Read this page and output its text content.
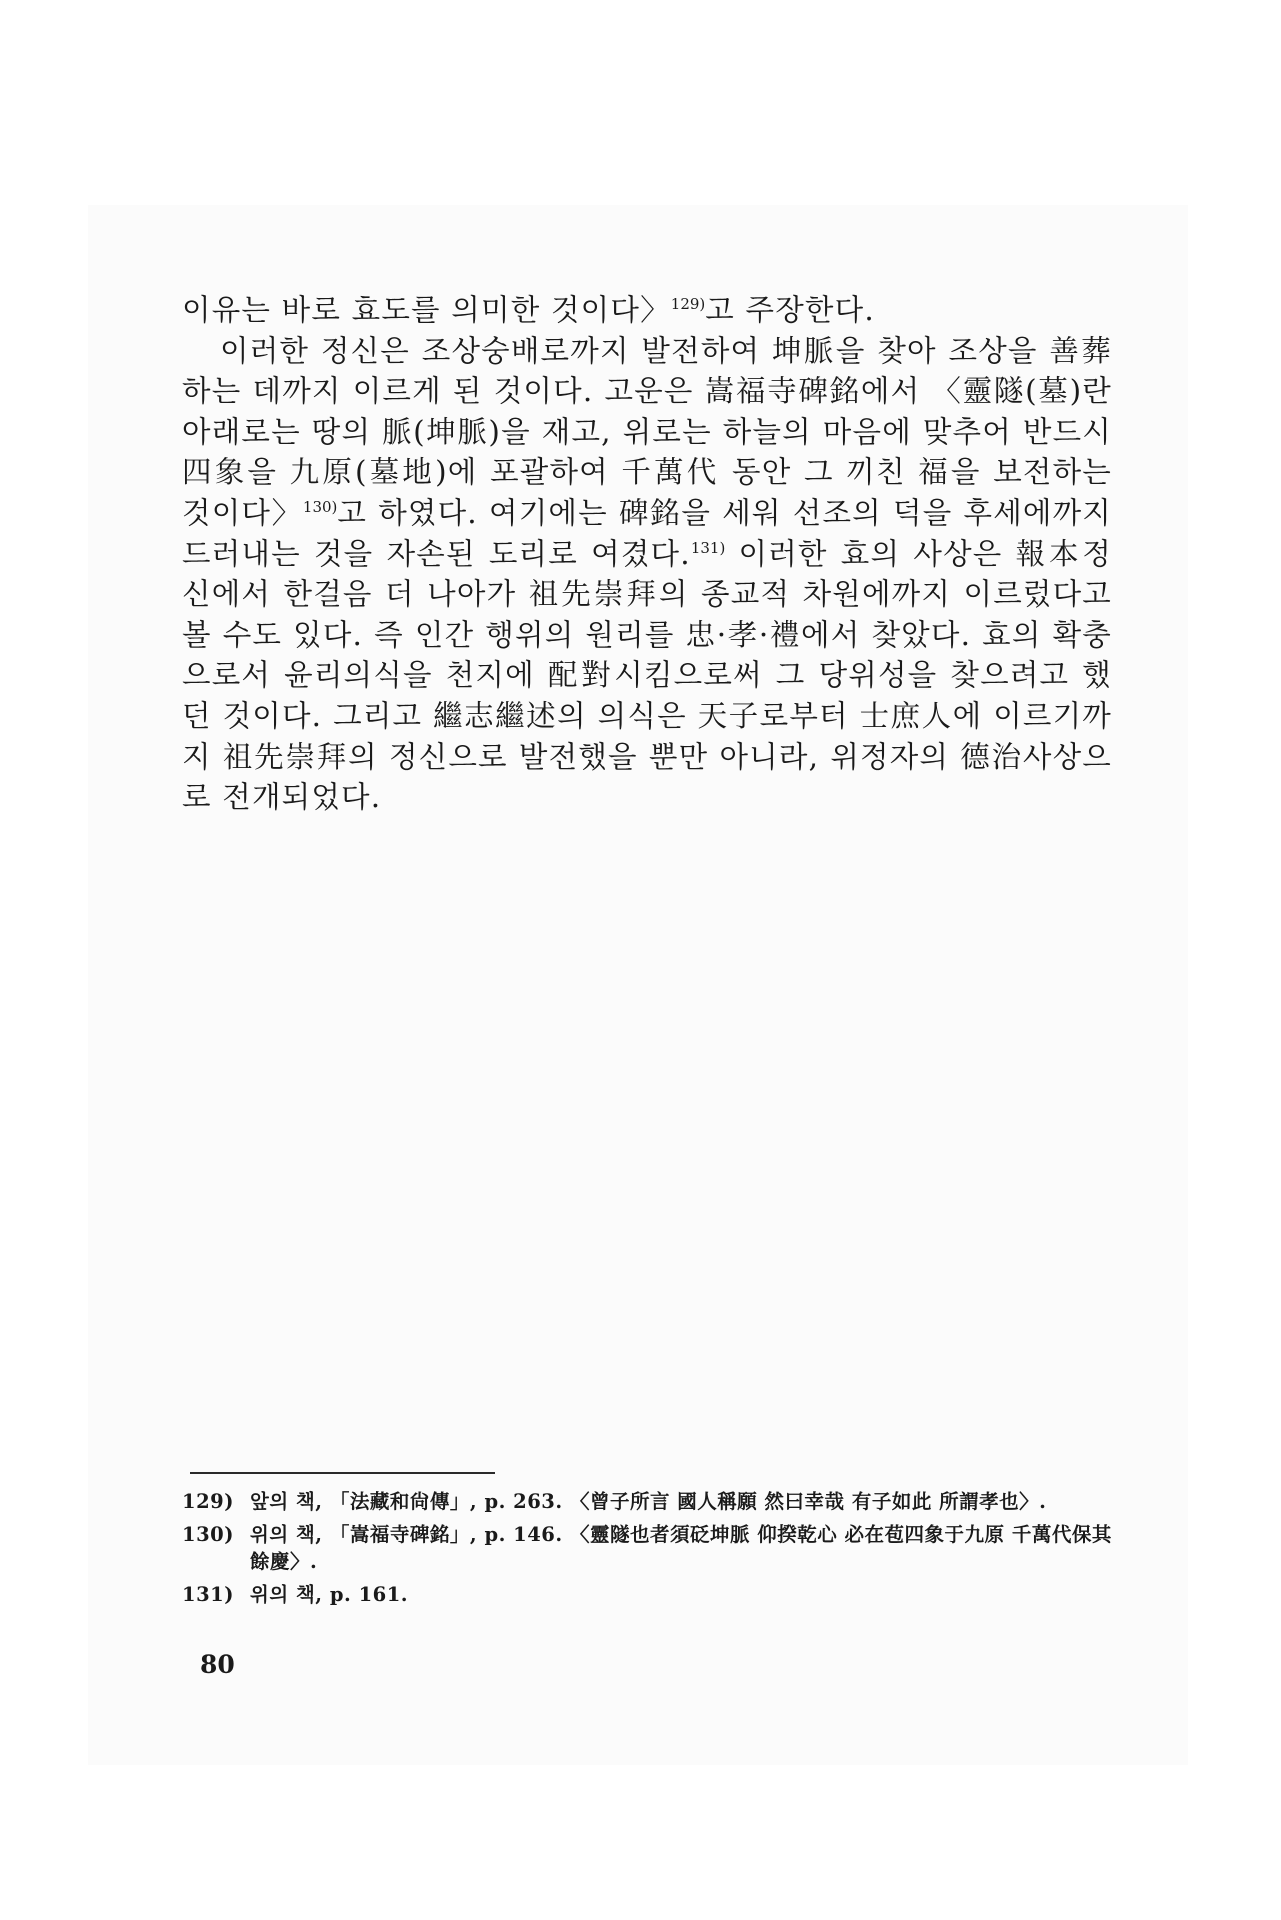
이유는 바로 효도를 의미한 것이다〉$^{129)}$고 주장한다.

이러한 정신은 조상숭배로까지 발전하여 坤脈을 찾아 조상을 善葬하는 데까지 이르게 된 것이다. 고운은 嵩福寺碑銘에서 〈靈隧(墓)란 아래로는 땅의 脈(坤脈)을 재고, 위로는 하늘의 마음에 맞추어 반드시 四象을 九原(墓地)에 포괄하여 千萬代 동안 그 끼친 福을 보전하는 것이다〉$^{130)}$고 하였다. 여기에는 碑銘을 세워 선조의 덕을 후세에까지 드러내는 것을 자손된 도리로 여겼다.$^{131)}$ 이러한 효의 사상은 報本정신에서 한걸음 더 나아가 祖先崇拜의 종교적 차원에까지 이르렀다고 볼 수도 있다. 즉 인간 행위의 원리를 忠·孝·禮에서 찾았다. 효의 확충으로서 윤리의식을 천지에 配對시킴으로써 그 당위성을 찾으려고 했던 것이다. 그리고 繼志繼述의 의식은 天子로부터 士庶人에 이르기까지 祖先崇拜의 정신으로 발전했을 뿐만 아니라, 위정자의 德治사상으로 전개되었다.

129) 앞의 책, 「法藏和尙傳」, p. 263. 〈曾子所言 國人稱願 然曰幸哉 有子如此 所謂孝也〉.
130) 위의 책, 「嵩福寺碑銘」, p. 146. 〈靈隧也者須砭坤脈 仰揆乾心 必在苞四象于九原 千萬代保其餘慶〉.
131) 위의 책, p. 161.
80
